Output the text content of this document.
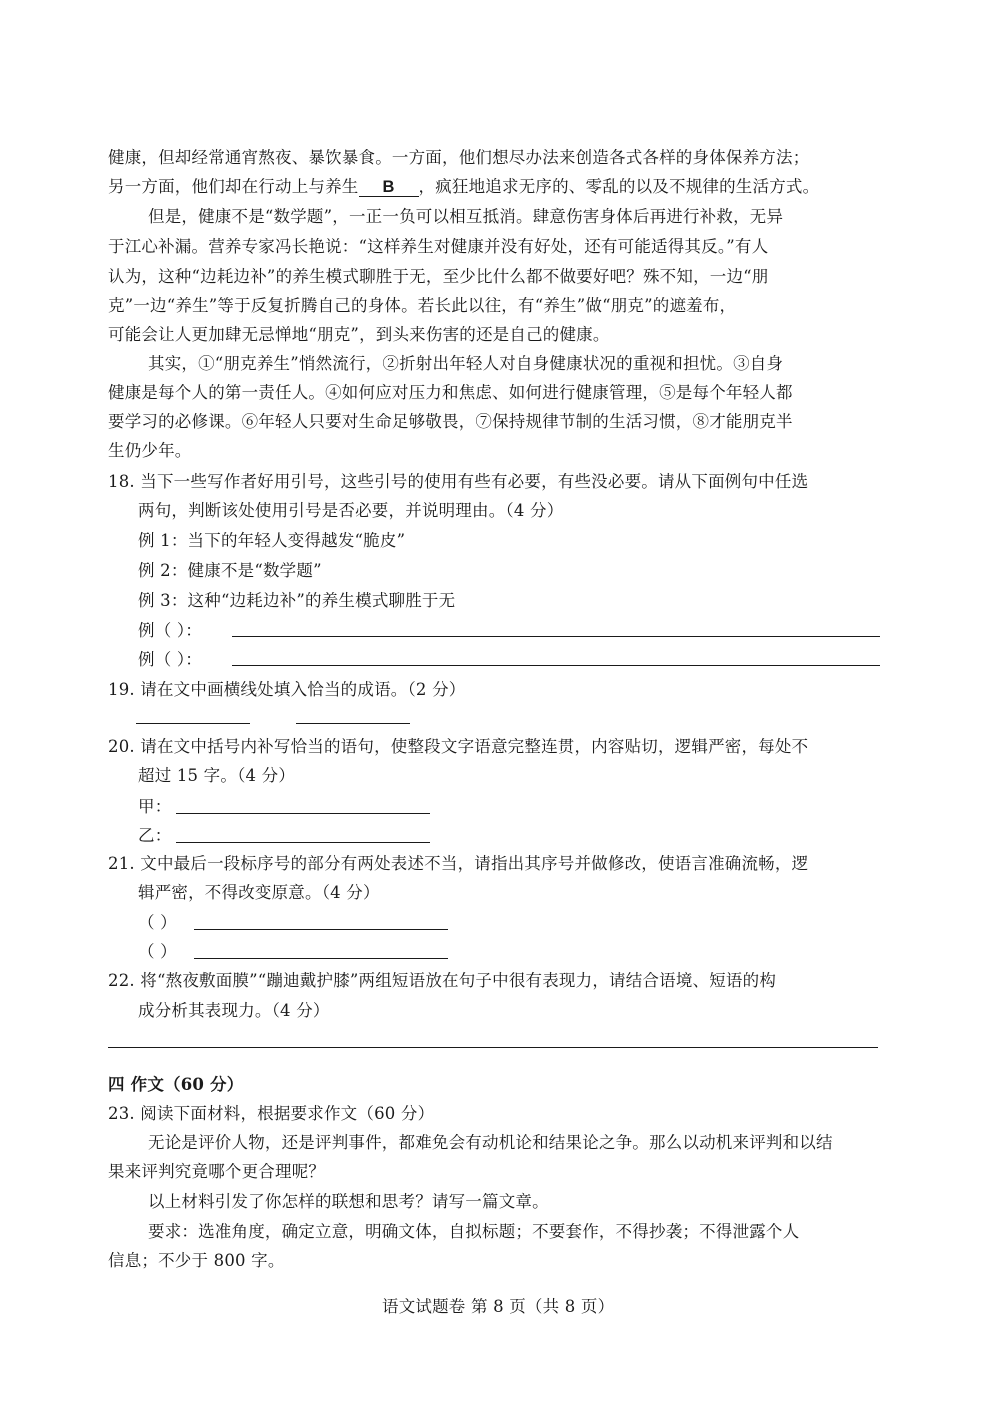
健康，但却经常通宵熬夜、暴饮暴食。一方面，他们想尽办法来创造各式各样的身体保养方法；
另一方面，他们却在行动上与养生 B ，疯狂地追求无序的、零乱的以及不规律的生活方式。
但是，健康不是“数学题”，一正一负可以相互抵消。肆意伤害身体后再进行补救，无异
于江心补漏。营养专家冯长艳说：“这样养生对健康并没有好处，还有可能适得其反。”有人
认为，这种“边耗边补”的养生模式聊胜于无，至少比什么都不做要好吧？殊不知，一边“朋
克”一边“养生”等于反复折腾自己的身体。若长此以往，有“养生”做“朋克”的遮羞布，
可能会让人更加肆无忌惮地“朋克”，到头来伤害的还是自己的健康。
其实，①“朋克养生”悄然流行，②折射出年轻人对自身健康状况的重视和担忧。③自身
健康是每个人的第一责任人。④如何应对压力和焦虑、如何进行健康管理，⑤是每个年轻人都
要学习的必修课。⑥年轻人只要对生命足够敬畏，⑦保持规律节制的生活习惯，⑧才能朋克半
生仍少年。
18. 当下一些写作者好用引号，这些引号的使用有些有必要，有些没必要。请从下面例句中任选
两句，判断该处使用引号是否必要，并说明理由。（4 分）
例 1：当下的年轻人变得越发“脆皮”
例 2：健康不是“数学题”
例 3：这种“边耗边补”的养生模式聊胜于无
例（ ）：
例（ ）：
19. 请在文中画横线处填入恰当的成语。（2 分）
20. 请在文中括号内补写恰当的语句，使整段文字语意完整连贯，内容贴切，逻辑严密，每处不
超过 15 字。（4 分）
甲：
乙：
21. 文中最后一段标序号的部分有两处表述不当，请指出其序号并做修改，使语言准确流畅，逻
辑严密，不得改变原意。（4 分）
（ ）
（ ）
22. 将“熬夜敷面膜”“蹦迪戴护膝”两组短语放在句子中很有表现力，请结合语境、短语的构
成分析其表现力。（4 分）
四 作文（60 分）
23. 阅读下面材料，根据要求作文（60 分）
无论是评价人物，还是评判事件，都难免会有动机论和结果论之争。那么以动机来评判和以结
果来评判究竟哪个更合理呢？
以上材料引发了你怎样的联想和思考？请写一篇文章。
要求：选准角度，确定立意，明确文体，自拟标题；不要套作，不得抄袭；不得泄露个人
信息；不少于 800 字。
语文试题卷 第 8 页（共 8 页）
